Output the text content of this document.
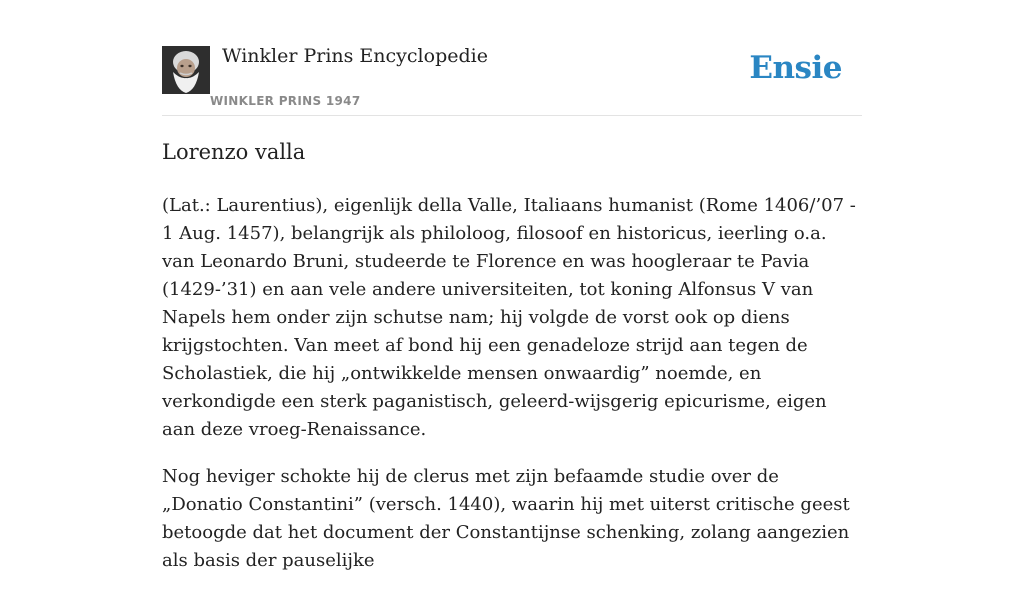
Winkler Prins Encyclopedie
WINKLER PRINS 1947
Ensie
Lorenzo valla

(Lat.: Laurentius), eigenlijk della Valle, Italiaans humanist (Rome 1406/’07 - 1 Aug. 1457), belangrijk als philoloog, filosoof en historicus, ieerling o.a. van Leonardo Bruni, studeerde te Florence en was hoogleraar te Pavia (1429-’31) en aan vele andere universiteiten, tot koning Alfonsus V van Napels hem onder zijn schutse nam; hij volgde de vorst ook op diens krijgstochten. Van meet af bond hij een genadeloze strijd aan tegen de Scholastiek, die hij „ontwikkelde mensen onwaardig” noemde, en verkondigde een sterk paganistisch, geleerd-wijsgerig epicurisme, eigen aan deze vroeg-Renaissance.

Nog heviger schokte hij de clerus met zijn befaamde studie over de „Donatio Constantini” (versch. 1440), waarin hij met uiterst critische geest betoogde dat het document der Constantijnse schenking, zolang aangezien als basis der pauselijke
